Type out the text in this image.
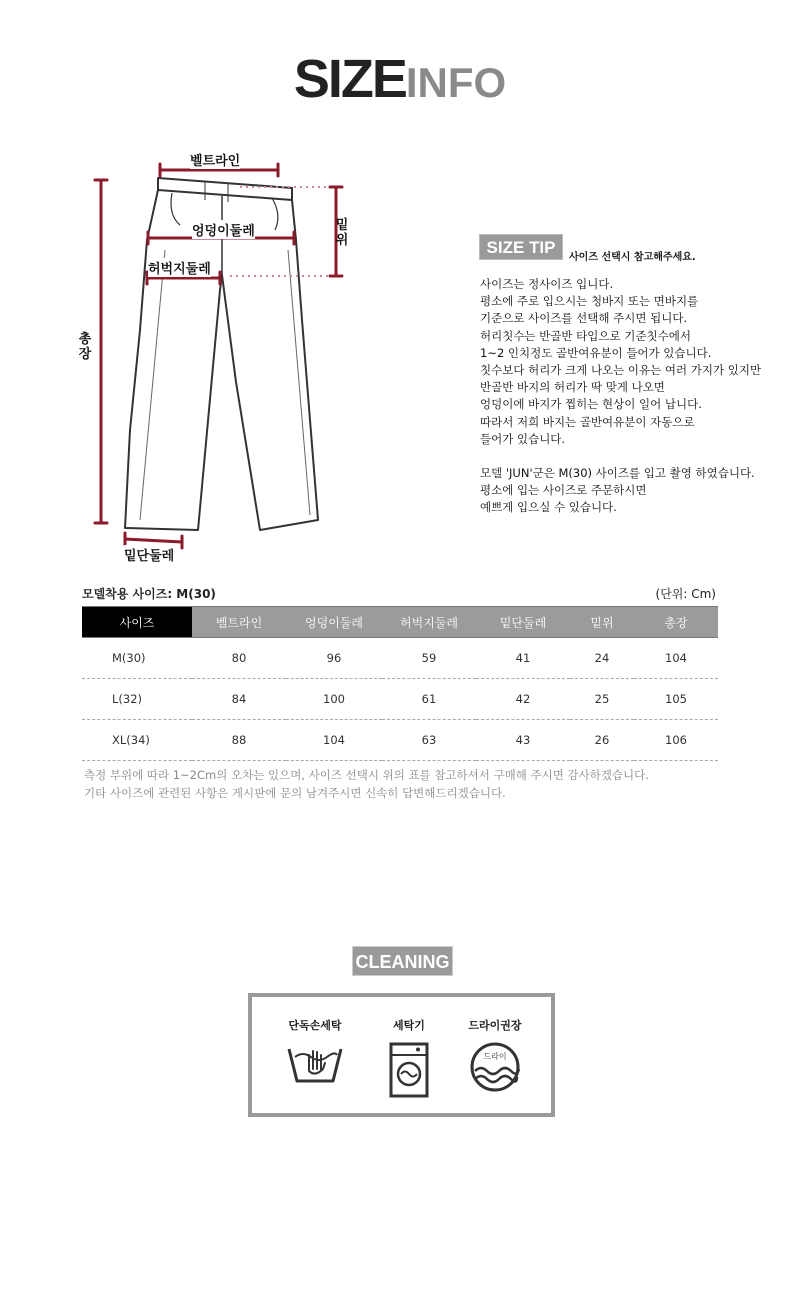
SIZEINFO
벨트라인
엉덩이둘레
허벅지둘레
밑위
총장
밑단둘레
SIZE TIP
사이즈 선택시 참고해주세요.

사이즈는 정사이즈 입니다.

평소에 주로 입으시는 청바지 또는 면바지를

기준으로 사이즈를 선택해 주시면 됩니다.

허리칫수는 반골반 타입으로 기준칫수에서

1~2 인치정도 골반여유분이 들어가 있습니다.

칫수보다 허리가 크게 나오는 이유는 여러 가지가 있지만

반골반 바지의 허리가 딱 맞게 나오면

엉덩이에 바지가 찝히는 현상이 일어 납니다.

따라서 저희 바지는 골반여유분이 자동으로

들어가 있습니다.

모델 'JUN'군은 M(30) 사이즈를 입고 촬영 하였습니다.

평소에 입는 사이즈로 주문하시면

예쁘게 입으실 수 있습니다.

모델착용 사이즈: M(30)	(단위: Cm)
사이즈	벨트라인	엉덩이둘레	허벅지둘레	밑단둘레	밑위	총장
M(30)	80	96	59	41	24	104
L(32)	84	100	61	42	25	105
XL(34)	88	104	63	43	26	106

측정 부위에 따라 1~2Cm의 오차는 있으며, 사이즈 선택시 위의 표를 참고하셔서 구매해 주시면 감사하겠습니다.

기타 사이즈에 관련된 사항은 게시판에 문의 남겨주시면 신속히 답변해드리겠습니다.

CLEANING
단독손세탁	세탁기	드라이권장
드라이
